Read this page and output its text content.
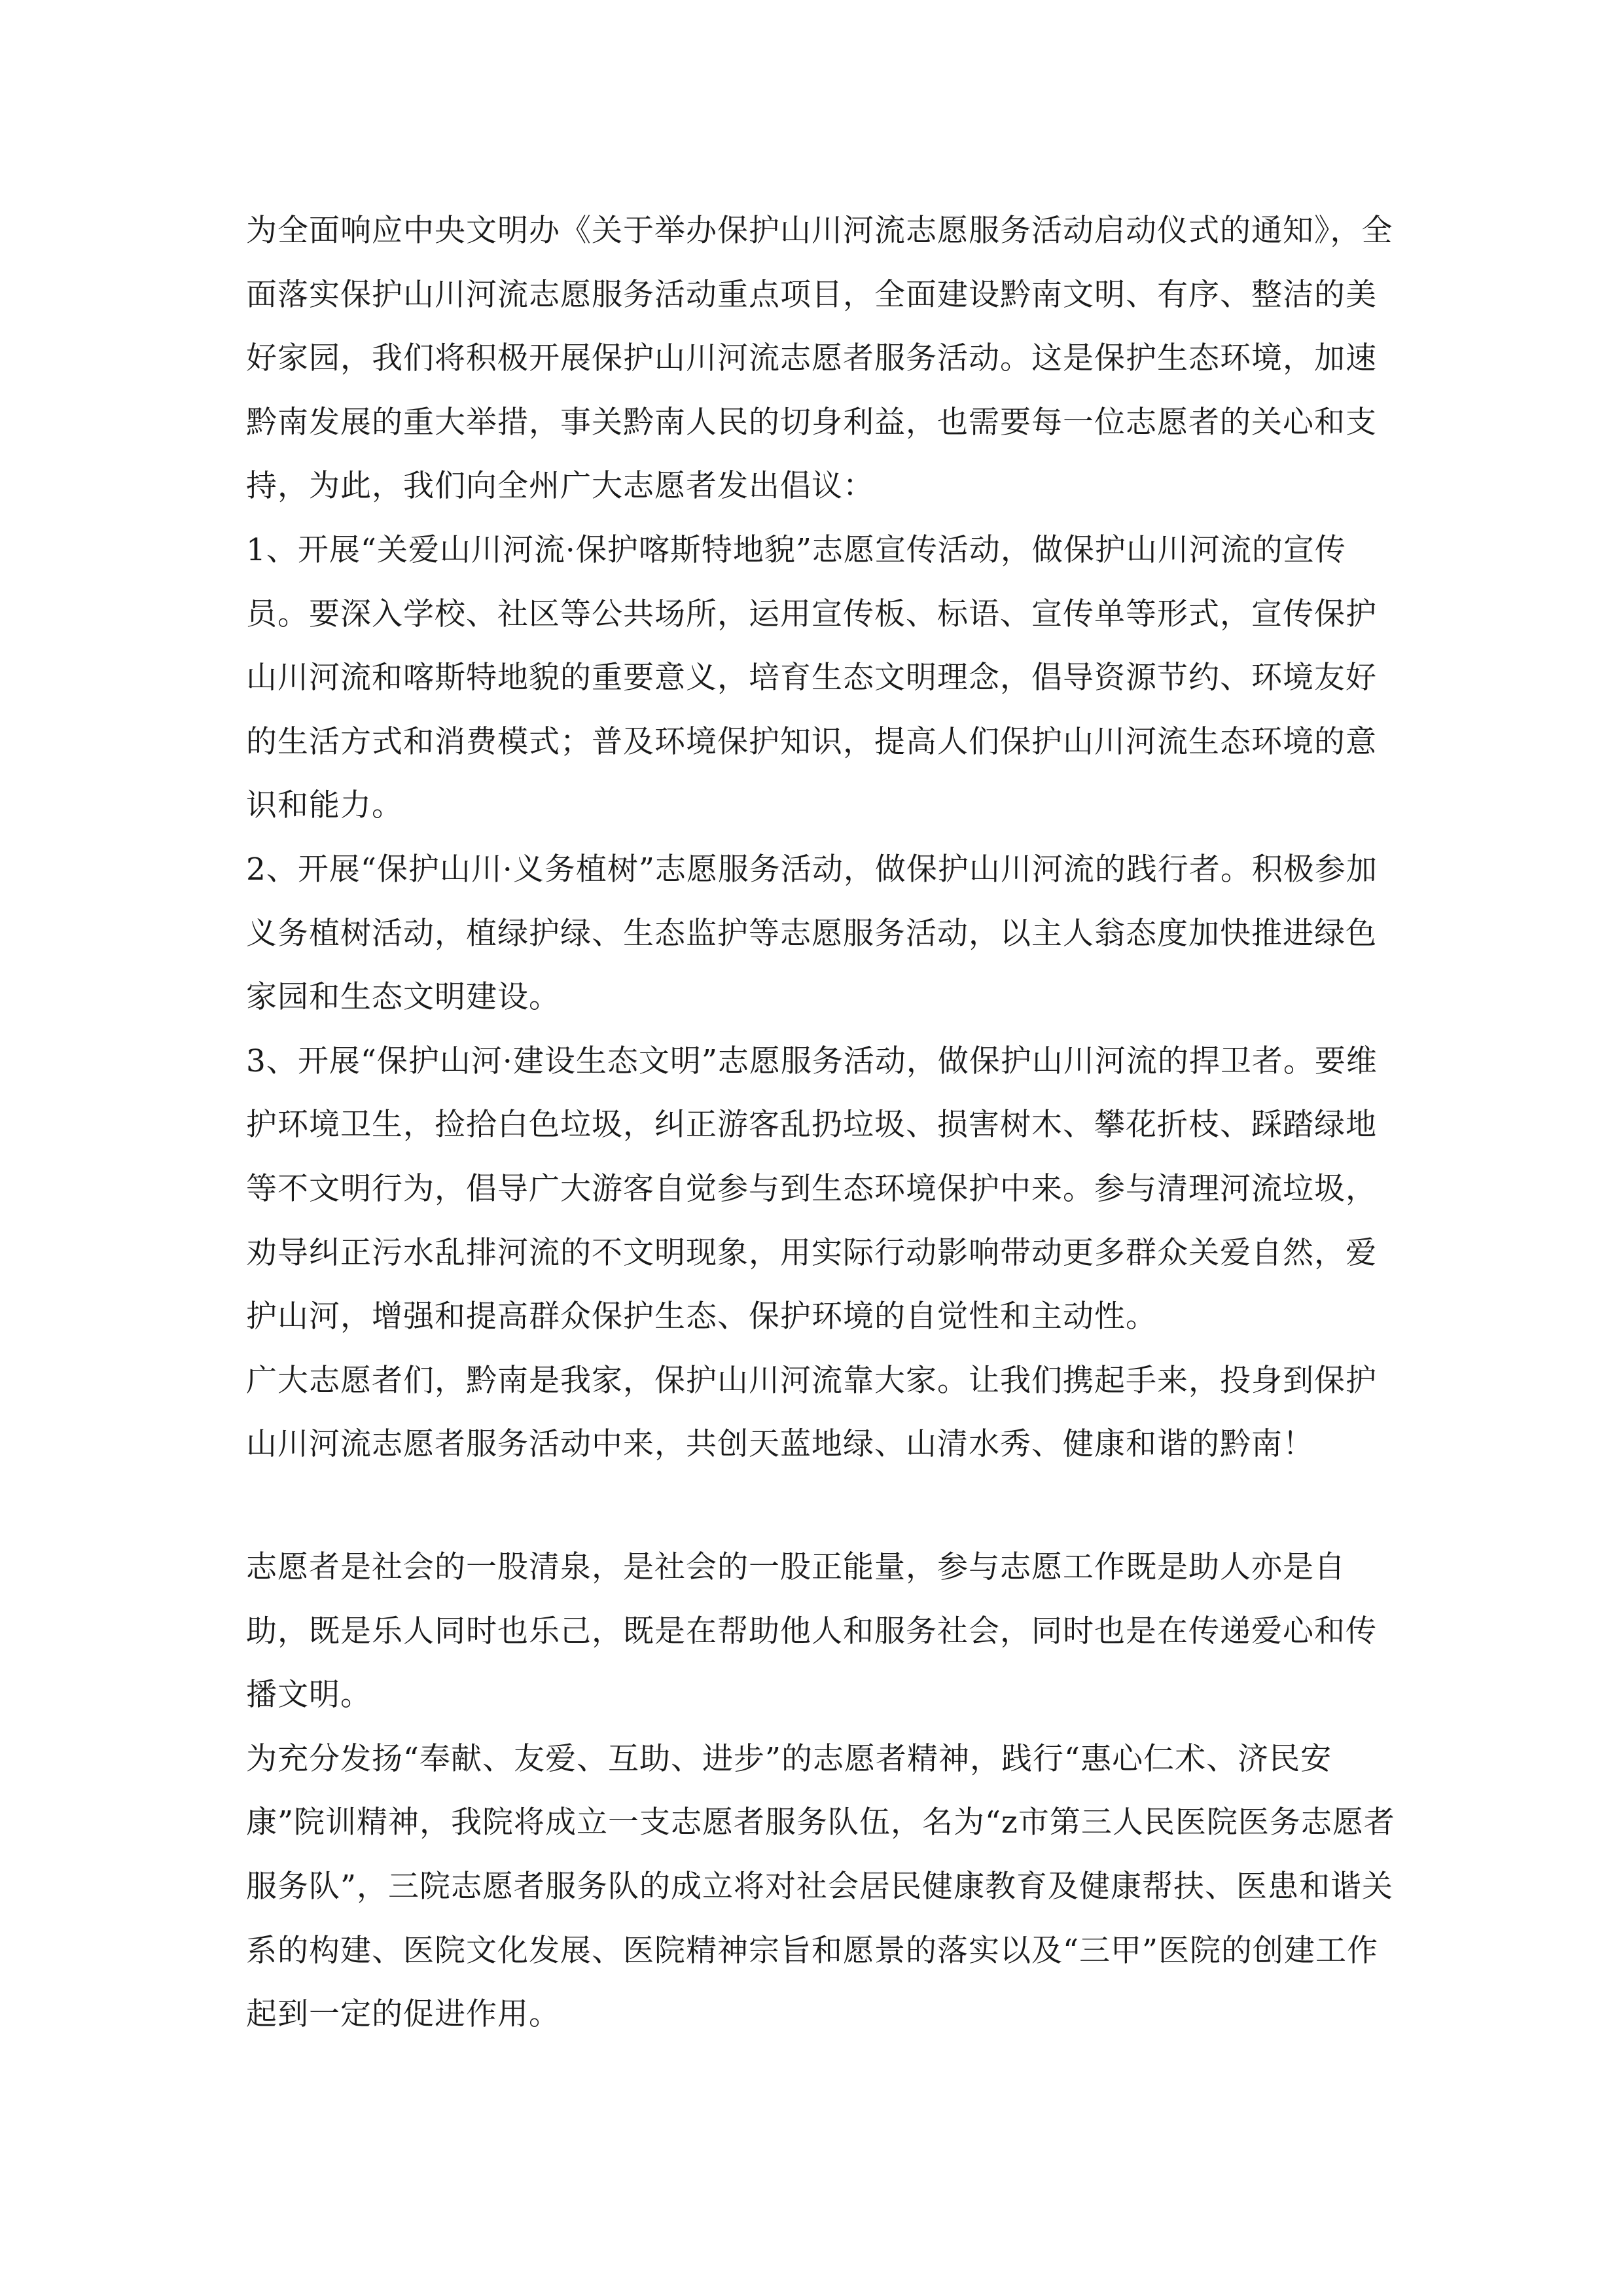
为全面响应中央文明办《关于举办保护山川河流志愿服务活动启动仪式的通知》，全面落实保护山川河流志愿服务活动重点项目，全面建设黔南文明、有序、整洁的美好家园，我们将积极开展保护山川河流志愿者服务活动。这是保护生态环境，加速黔南发展的重大举措，事关黔南人民的切身利益，也需要每一位志愿者的关心和支持，为此，我们向全州广大志愿者发出倡议：

1、开展“关爱山川河流·保护喀斯特地貌”志愿宣传活动，做保护山川河流的宣传员。要深入学校、社区等公共场所，运用宣传板、标语、宣传单等形式，宣传保护山川河流和喀斯特地貌的重要意义，培育生态文明理念，倡导资源节约、环境友好的生活方式和消费模式；普及环境保护知识，提高人们保护山川河流生态环境的意识和能力。

2、开展“保护山川·义务植树”志愿服务活动，做保护山川河流的践行者。积极参加义务植树活动，植绿护绿、生态监护等志愿服务活动，以主人翁态度加快推进绿色家园和生态文明建设。

3、开展“保护山河·建设生态文明”志愿服务活动，做保护山川河流的捍卫者。要维护环境卫生，捡拾白色垃圾，纠正游客乱扔垃圾、损害树木、攀花折枝、踩踏绿地等不文明行为，倡导广大游客自觉参与到生态环境保护中来。参与清理河流垃圾，劝导纠正污水乱排河流的不文明现象，用实际行动影响带动更多群众关爱自然，爱护山河，增强和提高群众保护生态、保护环境的自觉性和主动性。

广大志愿者们，黔南是我家，保护山川河流靠大家。让我们携起手来，投身到保护山川河流志愿者服务活动中来，共创天蓝地绿、山清水秀、健康和谐的黔南！

志愿者是社会的一股清泉，是社会的一股正能量，参与志愿工作既是助人亦是自助，既是乐人同时也乐己，既是在帮助他人和服务社会，同时也是在传递爱心和传播文明。

为充分发扬“奉献、友爱、互助、进步”的志愿者精神，践行“惠心仁术、济民安康”院训精神，我院将成立一支志愿者服务队伍，名为“z市第三人民医院医务志愿者服务队”，三院志愿者服务队的成立将对社会居民健康教育及健康帮扶、医患和谐关系的构建、医院文化发展、医院精神宗旨和愿景的落实以及“三甲”医院的创建工作起到一定的促进作用。
